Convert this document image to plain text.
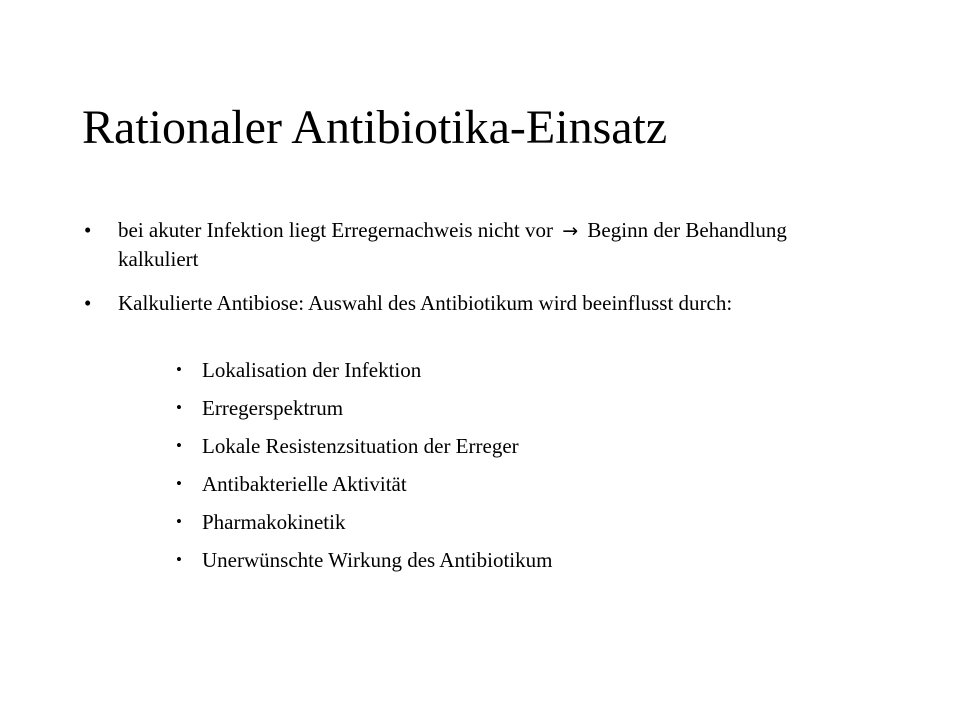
Rationaler Antibiotika-Einsatz
• bei akuter Infektion liegt Erregernachweis nicht vor → Beginn der Behandlung kalkuliert
• Kalkulierte Antibiose: Auswahl des Antibiotikum wird beeinflusst durch:
• Lokalisation der Infektion
• Erregerspektrum
• Lokale Resistenzsituation der Erreger
• Antibakterielle Aktivität
• Pharmakokinetik
• Unerwünschte Wirkung des Antibiotikum
